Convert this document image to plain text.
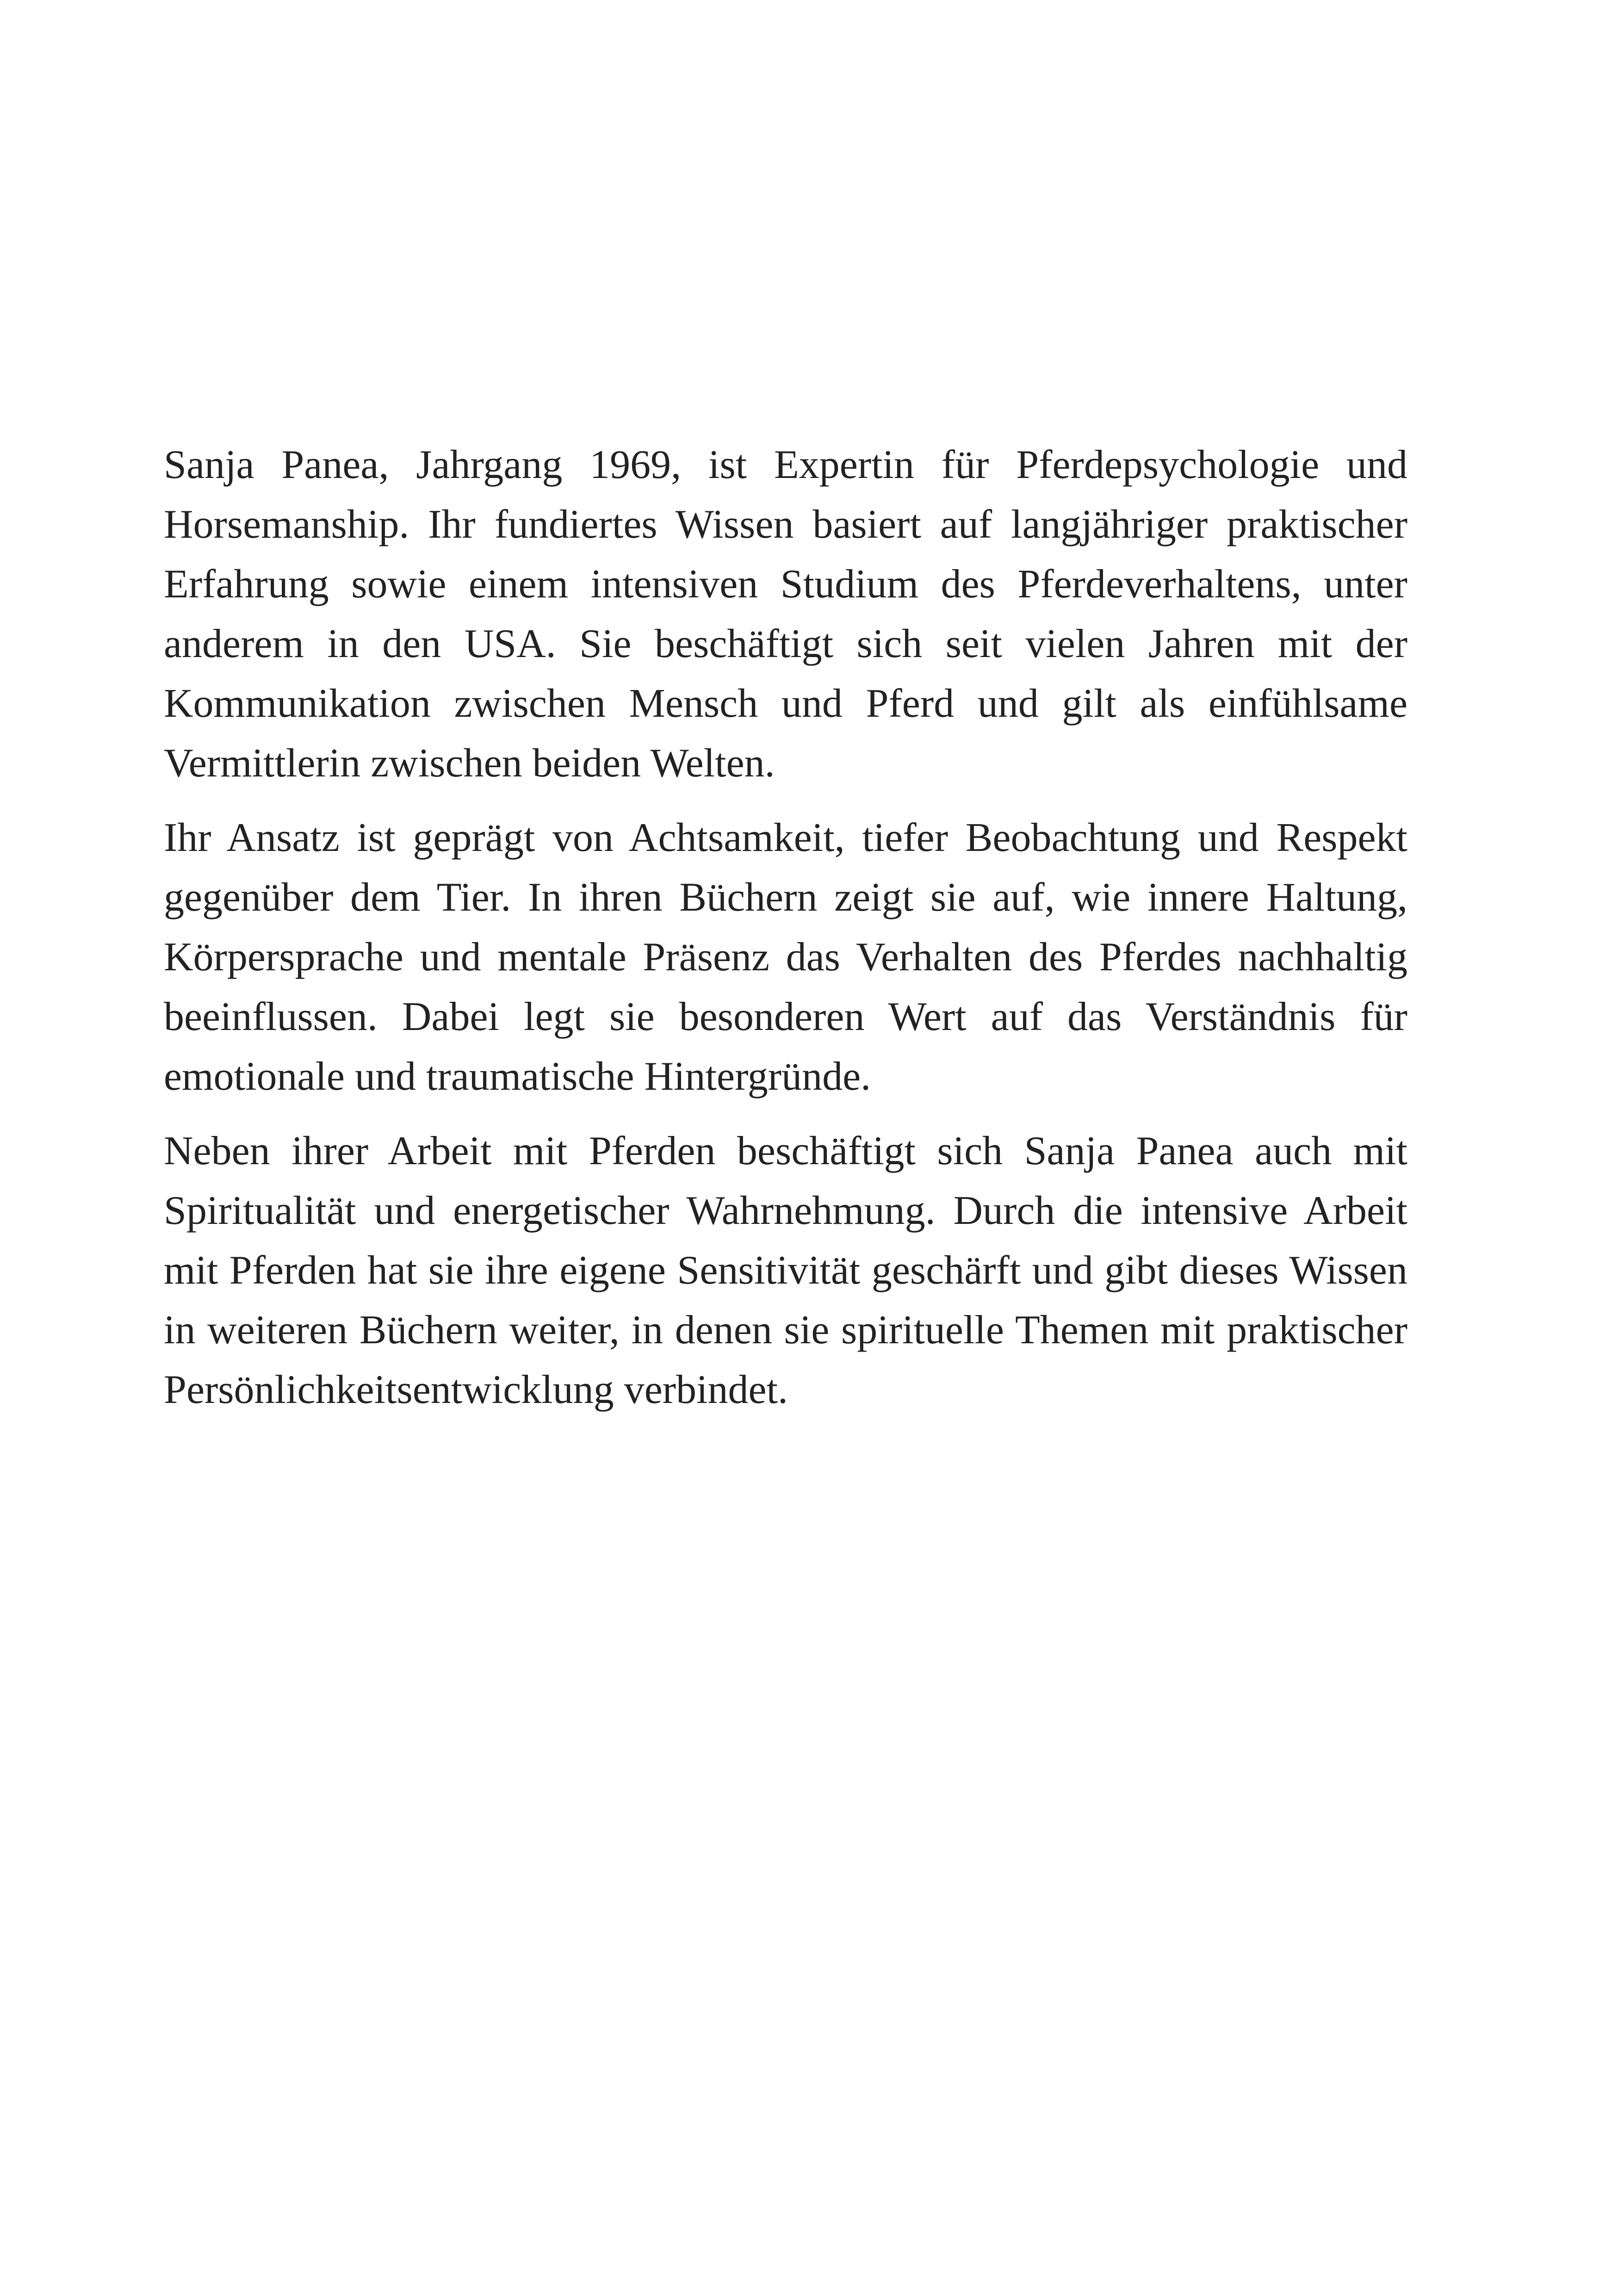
Sanja Panea, Jahrgang 1969, ist Expertin für Pferdepsychologie und Horsemanship. Ihr fundiertes Wissen basiert auf langjähriger praktischer Erfahrung sowie einem intensiven Studium des Pferdeverhaltens, unter anderem in den USA. Sie beschäftigt sich seit vielen Jahren mit der Kommunikation zwischen Mensch und Pferd und gilt als einfühlsame Vermittlerin zwischen beiden Welten.

Ihr Ansatz ist geprägt von Achtsamkeit, tiefer Beobachtung und Respekt gegenüber dem Tier. In ihren Büchern zeigt sie auf, wie innere Haltung, Körpersprache und mentale Präsenz das Verhalten des Pferdes nachhaltig beeinflussen. Dabei legt sie besonderen Wert auf das Verständnis für emotionale und traumatische Hintergründe.

Neben ihrer Arbeit mit Pferden beschäftigt sich Sanja Panea auch mit Spiritualität und energetischer Wahrnehmung. Durch die intensive Arbeit mit Pferden hat sie ihre eigene Sensitivität geschärft und gibt dieses Wissen in weiteren Büchern weiter, in denen sie spirituelle Themen mit praktischer Persönlichkeitsentwicklung verbindet.
